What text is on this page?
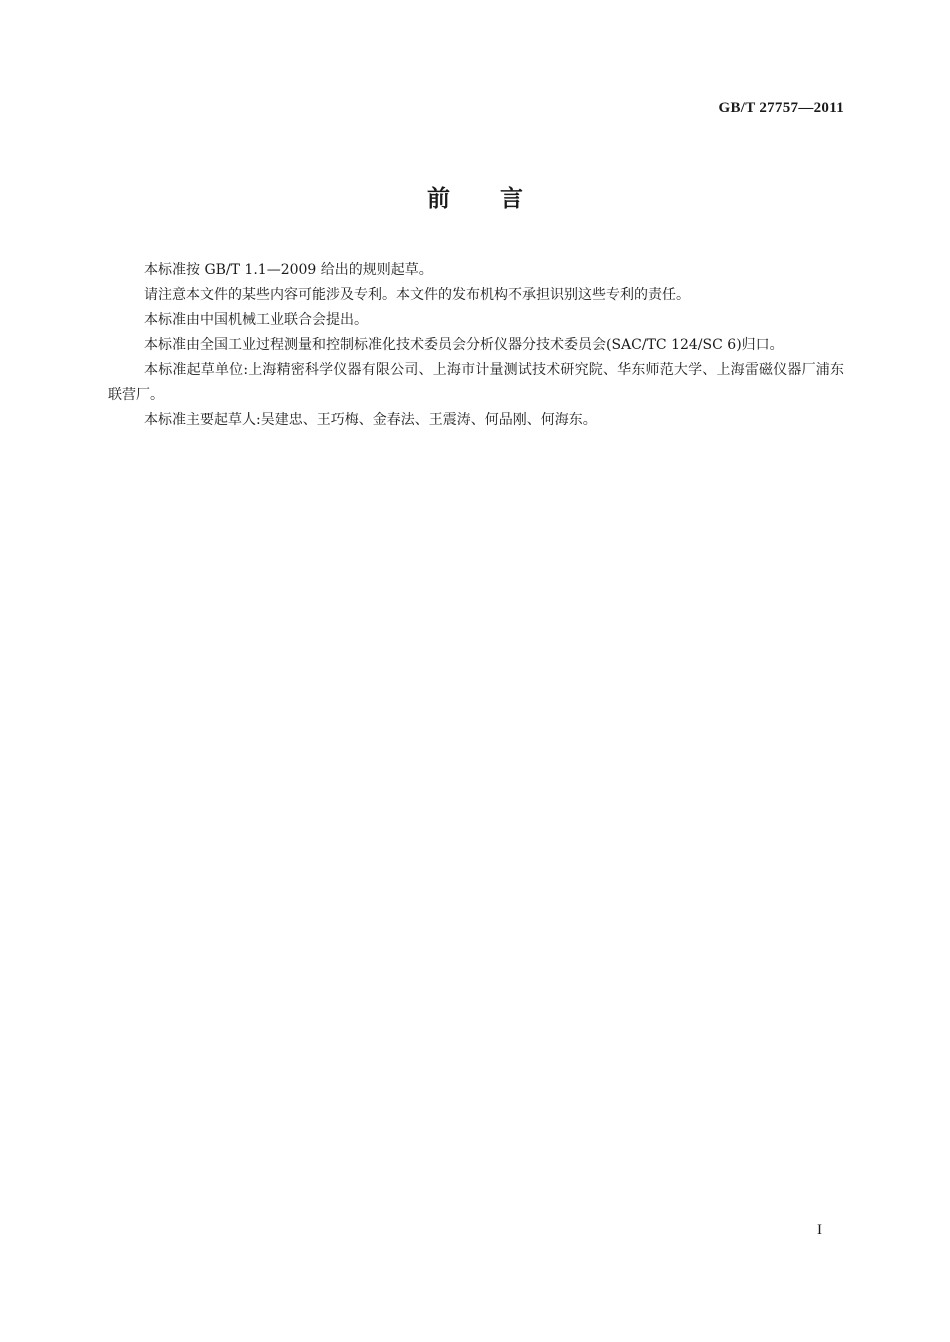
GB/T 27757—2011
前 言

本标准按 GB/T 1.1—2009 给出的规则起草。

请注意本文件的某些内容可能涉及专利。本文件的发布机构不承担识别这些专利的责任。

本标准由中国机械工业联合会提出。

本标准由全国工业过程测量和控制标准化技术委员会分析仪器分技术委员会(SAC/TC 124/SC 6)归口。

本标准起草单位:上海精密科学仪器有限公司、上海市计量测试技术研究院、华东师范大学、上海雷磁仪器厂浦东联营厂。

本标准主要起草人:吴建忠、王巧梅、金春法、王震涛、何品刚、何海东。

I
